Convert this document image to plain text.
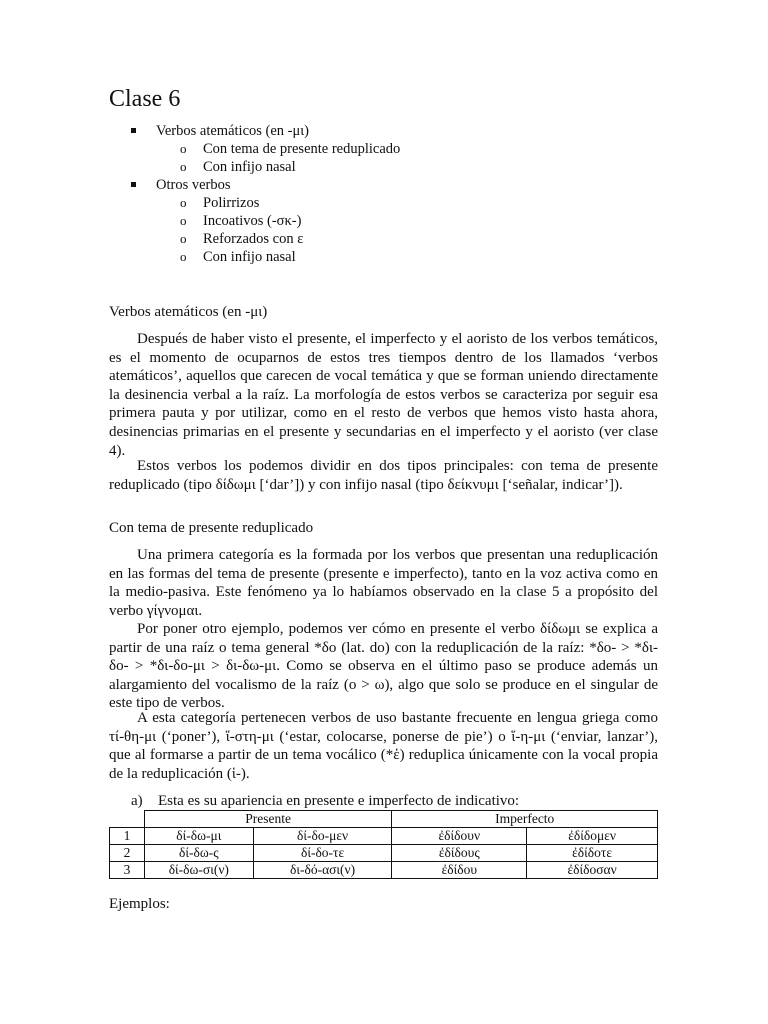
Clase 6
Verbos atemáticos (en -μι)
o Con tema de presente reduplicado
o Con infijo nasal
Otros verbos
o Polirrizos
o Incoativos (-σκ-)
o Reforzados con ε
o Con infijo nasal
Verbos atemáticos (en -μι)

Después de haber visto el presente, el imperfecto y el aoristo de los verbos temáticos, es el momento de ocuparnos de estos tres tiempos dentro de los llamados ‘verbos atemáticos’, aquellos que carecen de vocal temática y que se forman uniendo directamente la desinencia verbal a la raíz. La morfología de estos verbos se caracteriza por seguir esa primera pauta y por utilizar, como en el resto de verbos que hemos visto hasta ahora, desinencias primarias en el presente y secundarias en el imperfecto y el aoristo (ver clase 4).

Estos verbos los podemos dividir en dos tipos principales: con tema de presente reduplicado (tipo δίδωμι [‘dar’]) y con infijo nasal (tipo δείκνυμι [‘señalar, indicar’]).

Con tema de presente reduplicado

Una primera categoría es la formada por los verbos que presentan una reduplicación en las formas del tema de presente (presente e imperfecto), tanto en la voz activa como en la medio-pasiva. Este fenómeno ya lo habíamos observado en la clase 5 a propósito del verbo γίγνομαι.

Por poner otro ejemplo, podemos ver cómo en presente el verbo δίδωμι se explica a partir de una raíz o tema general *δο (lat. do) con la reduplicación de la raíz: *δο- > *δι-δο- > *δι-δο-μι > δι-δω-μι. Como se observa en el último paso se produce además un alargamiento del vocalismo de la raíz (ο > ω), algo que solo se produce en el singular de este tipo de verbos.

A esta categoría pertenecen verbos de uso bastante frecuente en lengua griega como τί-θη-μι (‘poner’), ἵ-στη-μι (‘estar, colocarse, ponerse de pie’) o ἵ-η-μι (‘enviar, lanzar’), que al formarse a partir de un tema vocálico (*ἑ) reduplica únicamente con la vocal propia de la reduplicación (ἱ-).

a) Esta es su apariencia en presente e imperfecto de indicativo:
	Presente		Imperfecto	
1	δί-δω-μι	δί-δο-μεν	ἐδίδουν	ἐδίδομεν
2	δί-δω-ς	δί-δο-τε	ἐδίδους	ἐδίδοτε
3	δί-δω-σι(ν)	δι-δό-ασι(ν)	ἐδίδου	ἐδίδοσαν
Ejemplos:
